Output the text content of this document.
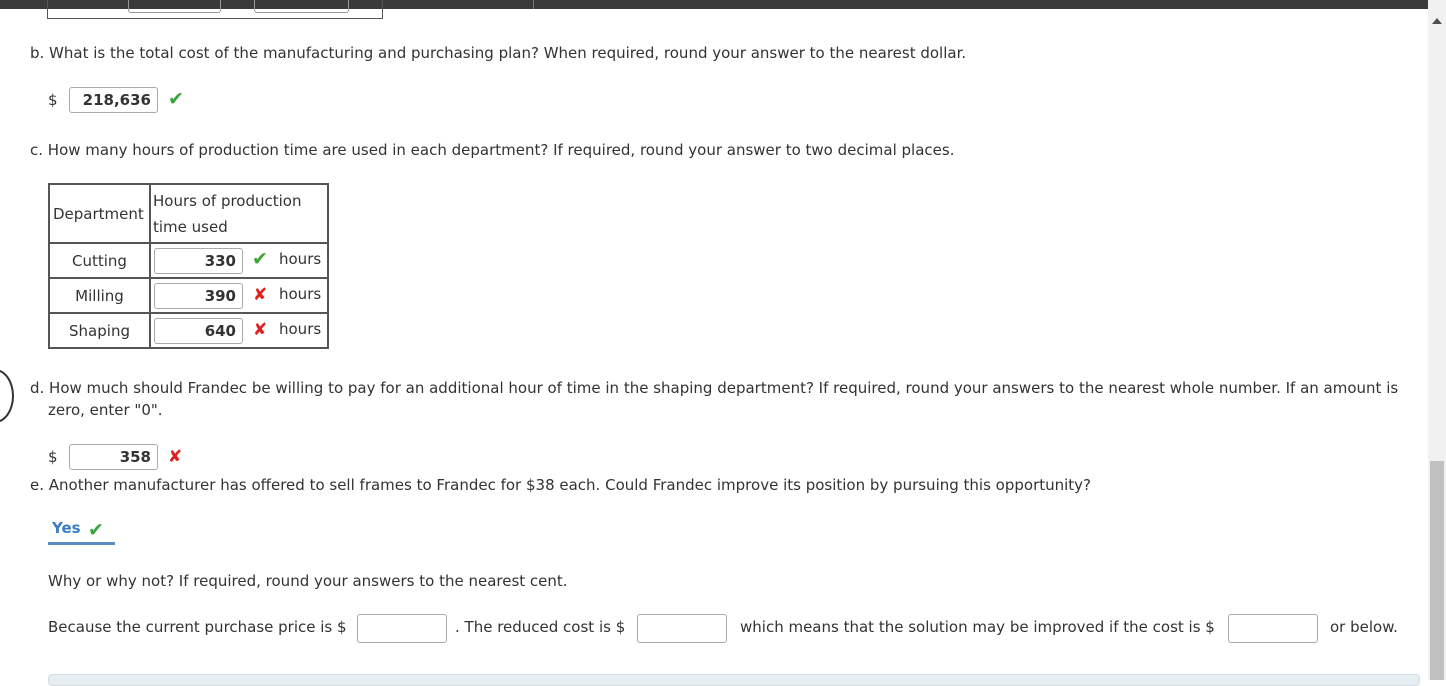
b. What is the total cost of the manufacturing and purchasing plan? When required, round your answer to the nearest dollar.
$	218,636 ✔
c. How many hours of production time are used in each department? If required, round your answer to two decimal places.
Department	Hours of production
time used

Cutting	330 ✔ hours

Milling	390 ✘ hours

Shaping	640 ✘ hours
d. How much should Frandec be willing to pay for an additional hour of time in the shaping department? If required, round your answers to the nearest whole number. If an amount is
zero, enter "0".
$	358	✘
e. Another manufacturer has offered to sell frames to Frandec for $38 each. Could Frandec improve its position by pursuing this opportunity?
Yes ✔
Why or why not? If required, round your answers to the nearest cent.
Because the current purchase price is $	. The reduced cost is $	which means that the solution may be improved if the cost is $	or below.
